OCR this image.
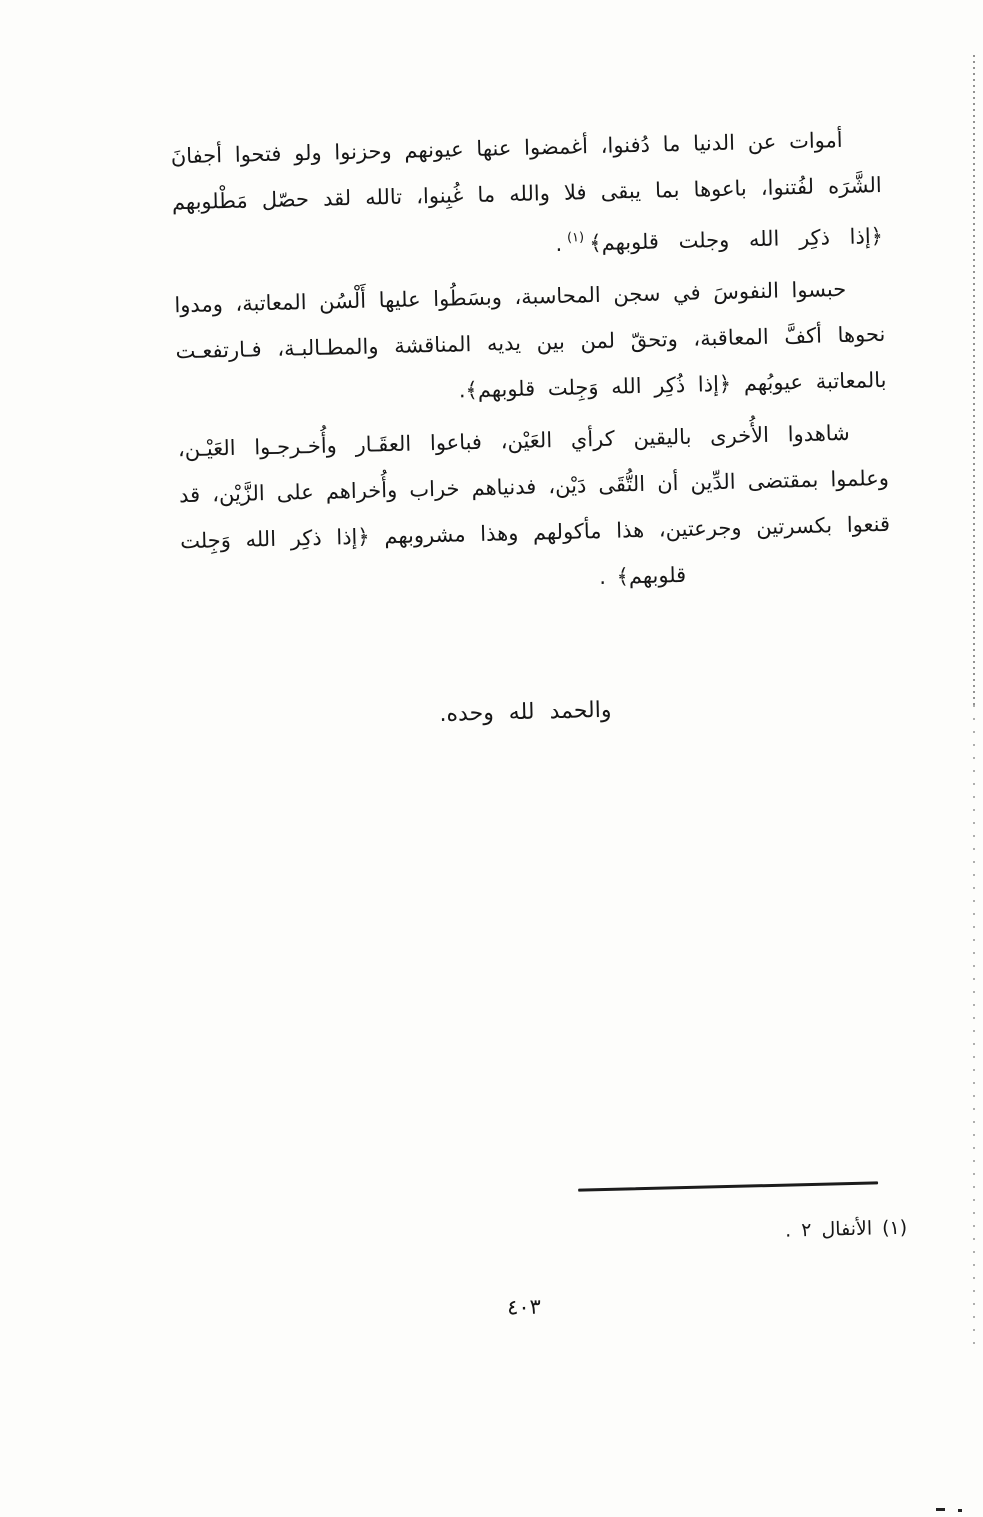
أموات عن الدنيا ما دُفنوا، أغمضوا عنها عيونهم وحزنوا ولو فتحوا أجفانَ
الشَّرَه لفُتنوا، باعوها بما يبقى فلا والله ما غُبِنوا، تالله لقد حصّل مَطْلوبهم
﴿إذا ذكِر الله وجلت قلوبهم﴾$^{(١)}$.
حبسوا النفوسَ في سجن المحاسبة، وبسَطُوا عليها أَلْسُن المعاتبة، ومدوا
نحوها أكفَّ المعاقبة، وتحقّ لمن بين يديه المناقشة والمطـالبـة، فـارتفعـت
بالمعاتبة عيوبُهم ﴿إذا ذُكِر الله وَجِلت قلوبهم﴾.
شاهدوا الأُخرى باليقين كرأي العَيْن، فباعوا العقَـار وأُخـرجـوا العَيْـن،
وعلموا بمقتضى الدِّين أن التُّقَى دَيْن، فدنياهم خراب وأُخراهم على الزَّيْن، قد
قنعوا بكسرتين وجرعتين، هذا مأكولهم وهذا مشروبهم ﴿إذا ذكِر الله وَجِلت
قلوبهم﴾ .
والحمد لله وحده.
(١) الأنفال ٢ .
٤٠٣
